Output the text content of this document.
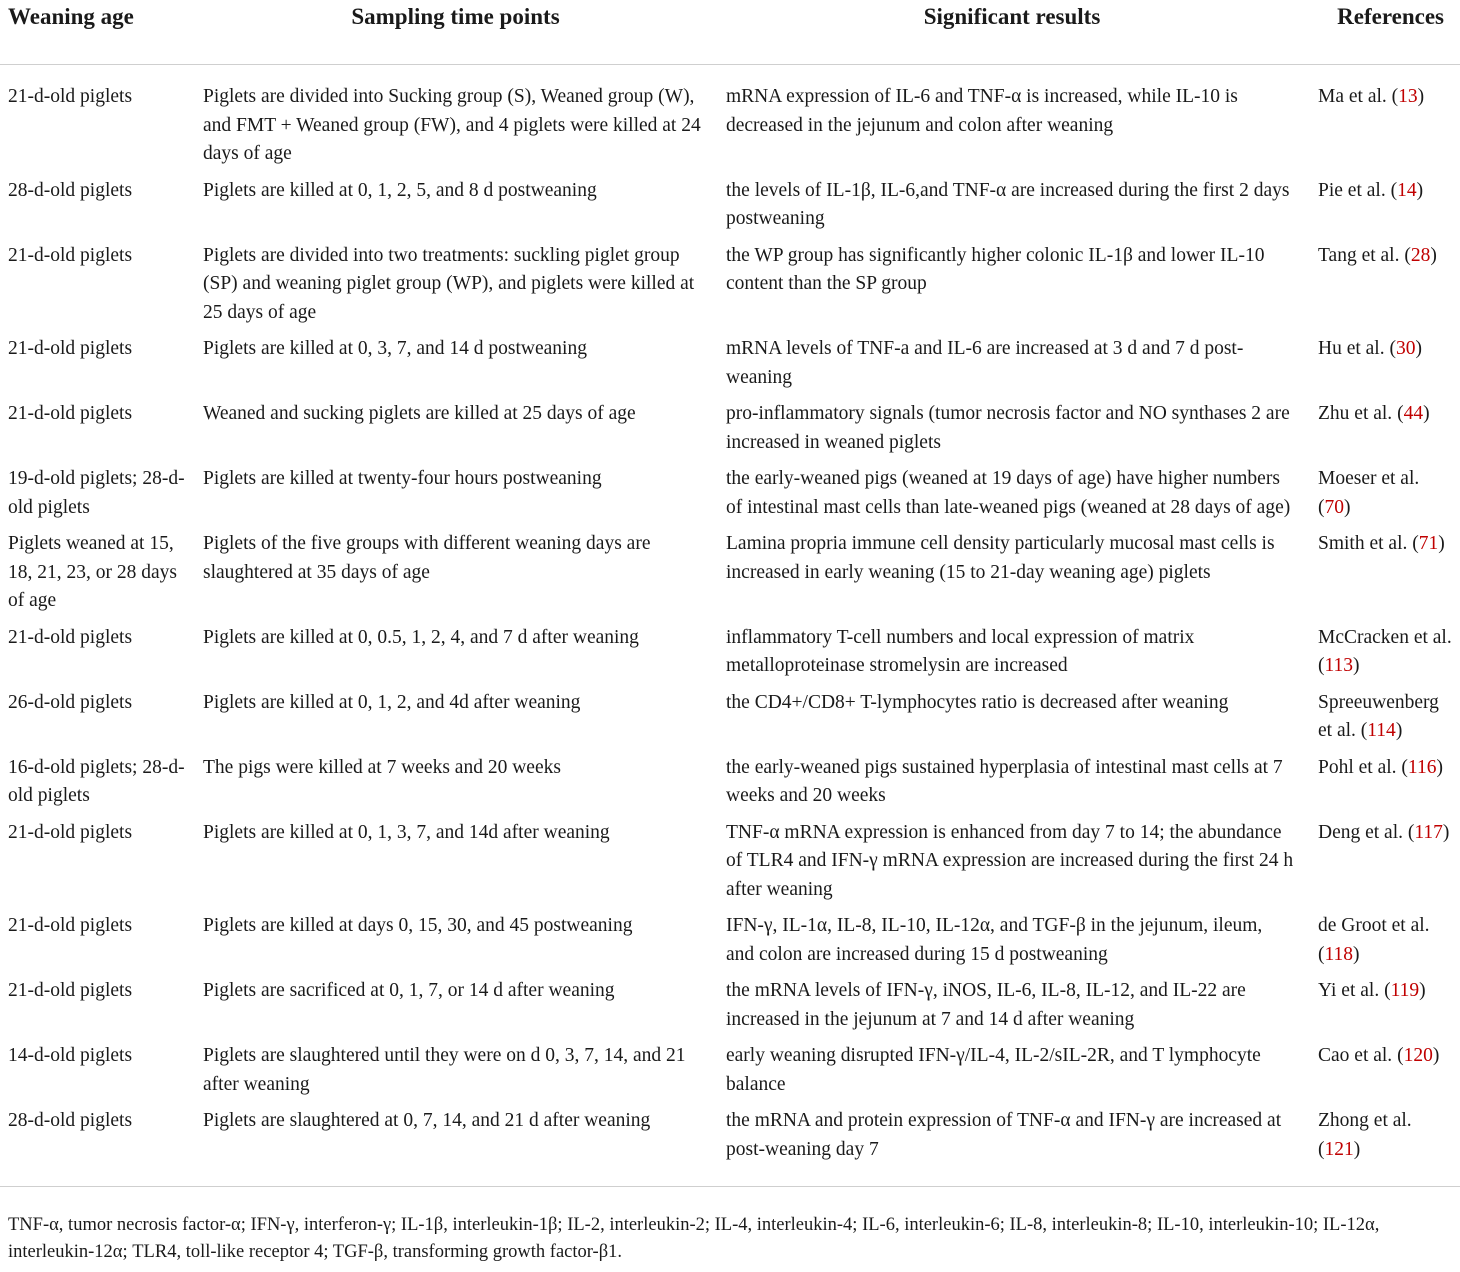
Weaning age	Sampling time points	Significant results	References
21-d-old piglets	Piglets are divided into Sucking group (S), Weaned group (W), and FMT + Weaned group (FW), and 4 piglets were killed at 24 days of age	mRNA expression of IL-6 and TNF-α is increased, while IL-10 is decreased in the jejunum and colon after weaning	Ma et al. (13)
28-d-old piglets	Piglets are killed at 0, 1, 2, 5, and 8 d postweaning	the levels of IL-1β, IL-6,and TNF-α are increased during the first 2 days postweaning	Pie et al. (14)
21-d-old piglets	Piglets are divided into two treatments: suckling piglet group (SP) and weaning piglet group (WP), and piglets were killed at 25 days of age	the WP group has significantly higher colonic IL-1β and lower IL-10 content than the SP group	Tang et al. (28)
21-d-old piglets	Piglets are killed at 0, 3, 7, and 14 d postweaning	mRNA levels of TNF-a and IL-6 are increased at 3 d and 7 d post-weaning	Hu et al. (30)
21-d-old piglets	Weaned and sucking piglets are killed at 25 days of age	pro-inflammatory signals (tumor necrosis factor and NO synthases 2 are increased in weaned piglets	Zhu et al. (44)
19-d-old piglets; 28-d-old piglets	Piglets are killed at twenty-four hours postweaning	the early-weaned pigs (weaned at 19 days of age) have higher numbers of intestinal mast cells than late-weaned pigs (weaned at 28 days of age)	Moeser et al. (70)
Piglets weaned at 15, 18, 21, 23, or 28 days of age	Piglets of the five groups with different weaning days are slaughtered at 35 days of age	Lamina propria immune cell density particularly mucosal mast cells is increased in early weaning (15 to 21-day weaning age) piglets	Smith et al. (71)
21-d-old piglets	Piglets are killed at 0, 0.5, 1, 2, 4, and 7 d after weaning	inflammatory T-cell numbers and local expression of matrix metalloproteinase stromelysin are increased	McCracken et al. (113)
26-d-old piglets	Piglets are killed at 0, 1, 2, and 4d after weaning	the CD4+/CD8+ T-lymphocytes ratio is decreased after weaning	Spreeuwenberg et al. (114)
16-d-old piglets; 28-d-old piglets	The pigs were killed at 7 weeks and 20 weeks	the early-weaned pigs sustained hyperplasia of intestinal mast cells at 7 weeks and 20 weeks	Pohl et al. (116)
21-d-old piglets	Piglets are killed at 0, 1, 3, 7, and 14d after weaning	TNF-α mRNA expression is enhanced from day 7 to 14; the abundance of TLR4 and IFN-γ mRNA expression are increased during the first 24 h after weaning	Deng et al. (117)
21-d-old piglets	Piglets are killed at days 0, 15, 30, and 45 postweaning	IFN-γ, IL-1α, IL-8, IL-10, IL-12α, and TGF-β in the jejunum, ileum, and colon are increased during 15 d postweaning	de Groot et al. (118)
21-d-old piglets	Piglets are sacrificed at 0, 1, 7, or 14 d after weaning	the mRNA levels of IFN-γ, iNOS, IL-6, IL-8, IL-12, and IL-22 are increased in the jejunum at 7 and 14 d after weaning	Yi et al. (119)
14-d-old piglets	Piglets are slaughtered until they were on d 0, 3, 7, 14, and 21 after weaning	early weaning disrupted IFN-γ/IL-4, IL-2/sIL-2R, and T lymphocyte balance	Cao et al. (120)
28-d-old piglets	Piglets are slaughtered at 0, 7, 14, and 21 d after weaning	the mRNA and protein expression of TNF-α and IFN-γ are increased at post-weaning day 7	Zhong et al. (121)
TNF-α, tumor necrosis factor-α; IFN-γ, interferon-γ; IL-1β, interleukin-1β; IL-2, interleukin-2; IL-4, interleukin-4; IL-6, interleukin-6; IL-8, interleukin-8; IL-10, interleukin-10; IL-12α, interleukin-12α; TLR4, toll-like receptor 4; TGF-β, transforming growth factor-β1.
